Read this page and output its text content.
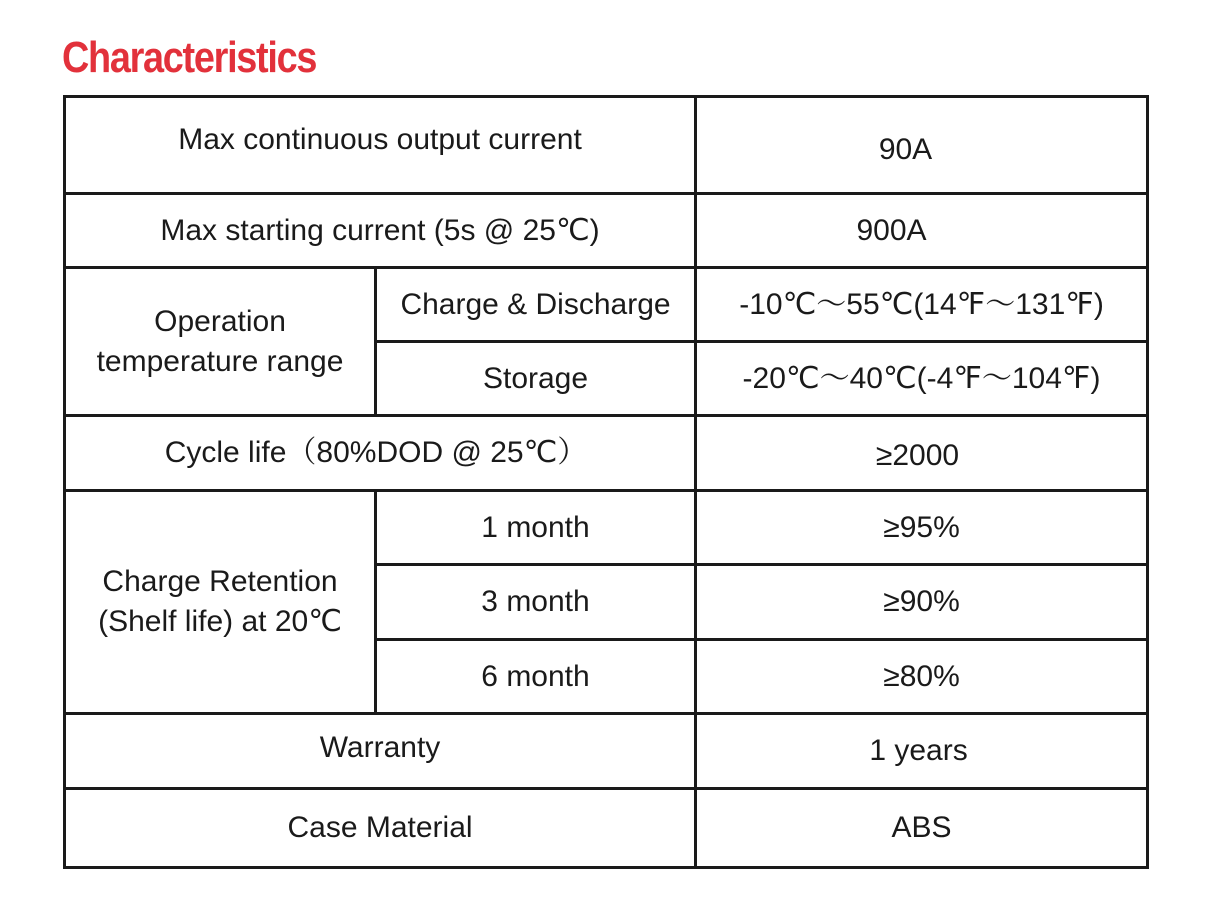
Characteristics
Max continuous output current		90A
Max starting current (5s @ 25℃)		900A

Operation
temperature range	Charge & Discharge	-10℃～55℃(14℉～131℉)
	Storage	-20℃～40℃(-4℉～104℉)
Cycle life（80%DOD @ 25℃）		≥2000

Charge Retention
(Shelf life) at 20℃	1 month	≥95%
	3 month	≥90%
	6 month	≥80%
Warranty		1 years
Case Material		ABS
